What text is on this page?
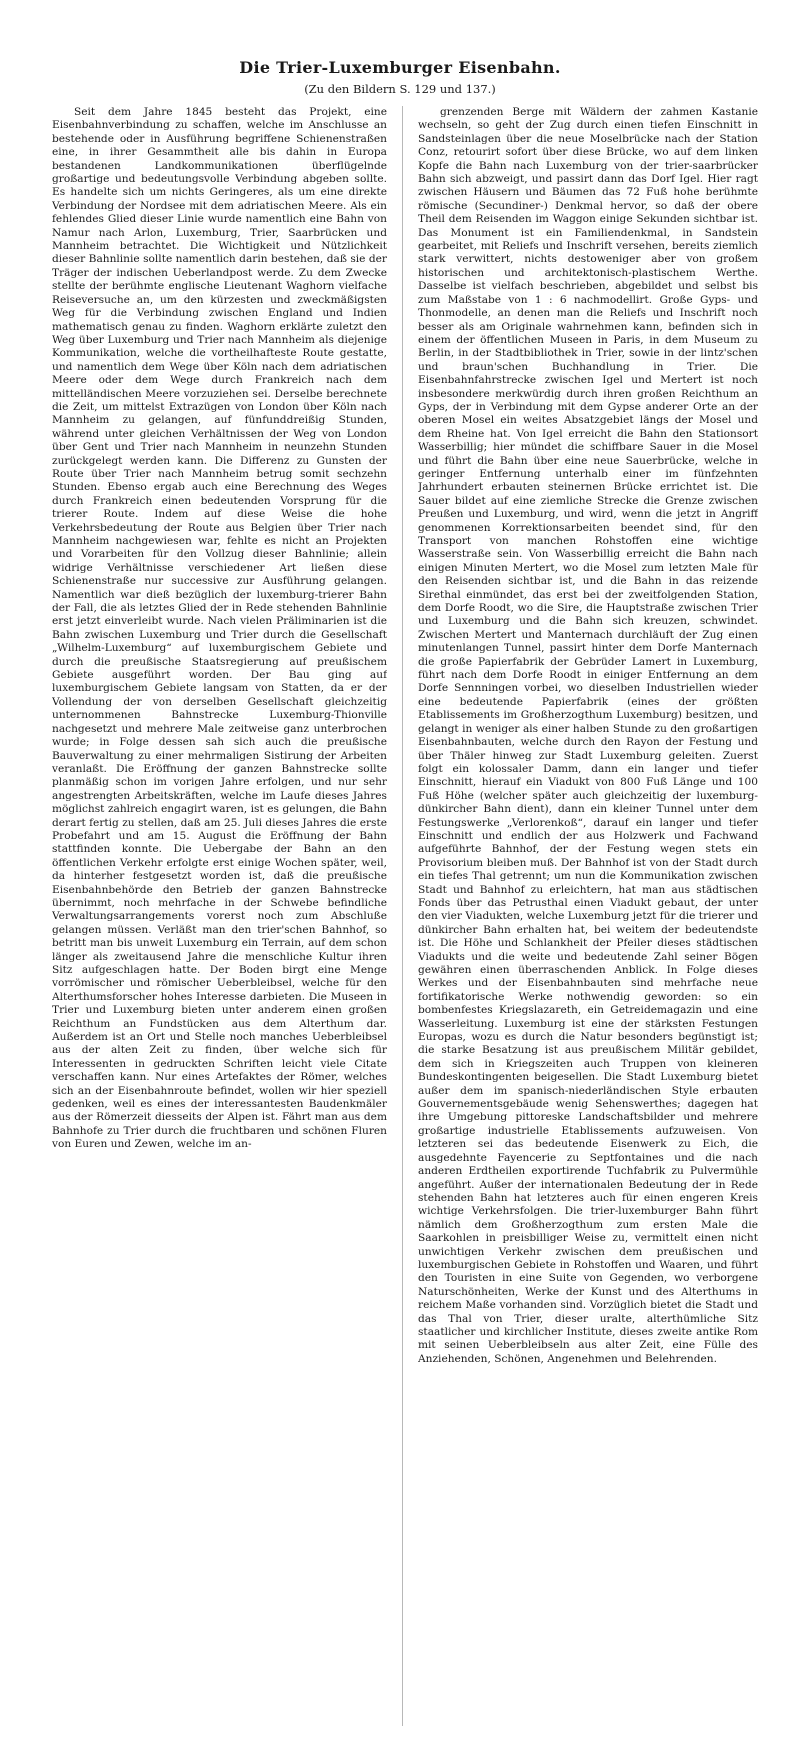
Die Trier-Luxemburger Eisenbahn.
(Zu den Bildern S. 129 und 137.)

Seit dem Jahre 1845 besteht das Projekt, eine Eisenbahnverbindung zu schaffen, welche im Anschlusse an bestehende oder in Ausführung begriffene Schienenstraßen eine, in ihrer Gesammtheit alle bis dahin in Europa bestandenen Landkommunikationen überflügelnde großartige und bedeutungsvolle Verbindung abgeben sollte. Es handelte sich um nichts Geringeres, als um eine direkte Verbindung der Nordsee mit dem adriatischen Meere. Als ein fehlendes Glied dieser Linie wurde namentlich eine Bahn von Namur nach Arlon, Luxemburg, Trier, Saarbrücken und Mannheim betrachtet. Die Wichtigkeit und Nützlichkeit dieser Bahnlinie sollte namentlich darin bestehen, daß sie der Träger der indischen Ueberlandpost werde. Zu dem Zwecke stellte der berühmte englische Lieutenant Waghorn vielfache Reiseversuche an, um den kürzesten und zweckmäßigsten Weg für die Verbindung zwischen England und Indien mathematisch genau zu finden. Waghorn erklärte zuletzt den Weg über Luxemburg und Trier nach Mannheim als diejenige Kommunikation, welche die vortheilhafteste Route gestatte, und namentlich dem Wege über Köln nach dem adriatischen Meere oder dem Wege durch Frankreich nach dem mittelländischen Meere vorzuziehen sei. Derselbe berechnete die Zeit, um mittelst Extrazügen von London über Köln nach Mannheim zu gelangen, auf fünfunddreißig Stunden, während unter gleichen Verhältnissen der Weg von London über Gent und Trier nach Mannheim in neunzehn Stunden zurückgelegt werden kann. Die Differenz zu Gunsten der Route über Trier nach Mannheim betrug somit sechzehn Stunden. Ebenso ergab auch eine Berechnung des Weges durch Frankreich einen bedeutenden Vorsprung für die trierer Route. Indem auf diese Weise die hohe Verkehrsbedeutung der Route aus Belgien über Trier nach Mannheim nachgewiesen war, fehlte es nicht an Projekten und Vorarbeiten für den Vollzug dieser Bahnlinie; allein widrige Verhältnisse verschiedener Art ließen diese Schienenstraße nur successive zur Ausführung gelangen. Namentlich war dieß bezüglich der luxemburg-trierer Bahn der Fall, die als letztes Glied der in Rede stehenden Bahnlinie erst jetzt einverleibt wurde. Nach vielen Präliminarien ist die Bahn zwischen Luxemburg und Trier durch die Gesellschaft „Wilhelm-Luxemburg“ auf luxemburgischem Gebiete und durch die preußische Staatsregierung auf preußischem Gebiete ausgeführt worden. Der Bau ging auf luxemburgischem Gebiete langsam von Statten, da er der Vollendung der von derselben Gesellschaft gleichzeitig unternommenen Bahnstrecke Luxemburg-Thionville nachgesetzt und mehrere Male zeitweise ganz unterbrochen wurde; in Folge dessen sah sich auch die preußische Bauverwaltung zu einer mehrmaligen Sistirung der Arbeiten veranlaßt. Die Eröffnung der ganzen Bahnstrecke sollte planmäßig schon im vorigen Jahre erfolgen, und nur sehr angestrengten Arbeitskräften, welche im Laufe dieses Jahres möglichst zahlreich engagirt waren, ist es gelungen, die Bahn derart fertig zu stellen, daß am 25. Juli dieses Jahres die erste Probefahrt und am 15. August die Eröffnung der Bahn stattfinden konnte. Die Uebergabe der Bahn an den öffentlichen Verkehr erfolgte erst einige Wochen später, weil, da hinterher festgesetzt worden ist, daß die preußische Eisenbahnbehörde den Betrieb der ganzen Bahnstrecke übernimmt, noch mehrfache in der Schwebe befindliche Verwaltungsarrangements vorerst noch zum Abschluße gelangen müssen. Verläßt man den trier'schen Bahnhof, so betritt man bis unweit Luxemburg ein Terrain, auf dem schon länger als zweitausend Jahre die menschliche Kultur ihren Sitz aufgeschlagen hatte. Der Boden birgt eine Menge vorrömischer und römischer Ueberbleibsel, welche für den Alterthumsforscher hohes Interesse darbieten. Die Museen in Trier und Luxemburg bieten unter anderem einen großen Reichthum an Fundstücken aus dem Alterthum dar. Außerdem ist an Ort und Stelle noch manches Ueberbleibsel aus der alten Zeit zu finden, über welche sich für Interessenten in gedruckten Schriften leicht viele Citate verschaffen kann. Nur eines Artefaktes der Römer, welches sich an der Eisenbahnroute befindet, wollen wir hier speziell gedenken, weil es eines der interessantesten Baudenkmäler aus der Römerzeit diesseits der Alpen ist. Fährt man aus dem Bahnhofe zu Trier durch die fruchtbaren und schönen Fluren von Euren und Zewen, welche im an-

grenzenden Berge mit Wäldern der zahmen Kastanie wechseln, so geht der Zug durch einen tiefen Einschnitt in Sandsteinlagen über die neue Moselbrücke nach der Station Conz, retourirt sofort über diese Brücke, wo auf dem linken Kopfe die Bahn nach Luxemburg von der trier-saarbrücker Bahn sich abzweigt, und passirt dann das Dorf Igel. Hier ragt zwischen Häusern und Bäumen das 72 Fuß hohe berühmte römische (Secundiner-) Denkmal hervor, so daß der obere Theil dem Reisenden im Waggon einige Sekunden sichtbar ist. Das Monument ist ein Familiendenkmal, in Sandstein gearbeitet, mit Reliefs und Inschrift versehen, bereits ziemlich stark verwittert, nichts destoweniger aber von großem historischen und architektonisch-plastischem Werthe. Dasselbe ist vielfach beschrieben, abgebildet und selbst bis zum Maßstabe von 1 : 6 nachmodellirt. Große Gyps- und Thonmodelle, an denen man die Reliefs und Inschrift noch besser als am Originale wahrnehmen kann, befinden sich in einem der öffentlichen Museen in Paris, in dem Museum zu Berlin, in der Stadtbibliothek in Trier, sowie in der lintz'schen und braun'schen Buchhandlung in Trier. Die Eisenbahnfahrstrecke zwischen Igel und Mertert ist noch insbesondere merkwürdig durch ihren großen Reichthum an Gyps, der in Verbindung mit dem Gypse anderer Orte an der oberen Mosel ein weites Absatzgebiet längs der Mosel und dem Rheine hat. Von Igel erreicht die Bahn den Stationsort Wasserbillig; hier mündet die schiffbare Sauer in die Mosel und führt die Bahn über eine neue Sauerbrücke, welche in geringer Entfernung unterhalb einer im fünfzehnten Jahrhundert erbauten steinernen Brücke errichtet ist. Die Sauer bildet auf eine ziemliche Strecke die Grenze zwischen Preußen und Luxemburg, und wird, wenn die jetzt in Angriff genommenen Korrektionsarbeiten beendet sind, für den Transport von manchen Rohstoffen eine wichtige Wasserstraße sein. Von Wasserbillig erreicht die Bahn nach einigen Minuten Mertert, wo die Mosel zum letzten Male für den Reisenden sichtbar ist, und die Bahn in das reizende Sirethal einmündet, das erst bei der zweitfolgenden Station, dem Dorfe Roodt, wo die Sire, die Hauptstraße zwischen Trier und Luxemburg und die Bahn sich kreuzen, schwindet. Zwischen Mertert und Manternach durchläuft der Zug einen minutenlangen Tunnel, passirt hinter dem Dorfe Manternach die große Papierfabrik der Gebrüder Lamert in Luxemburg, führt nach dem Dorfe Roodt in einiger Entfernung an dem Dorfe Sennningen vorbei, wo dieselben Industriellen wieder eine bedeutende Papierfabrik (eines der größten Etablissements im Großherzogthum Luxemburg) besitzen, und gelangt in weniger als einer halben Stunde zu den großartigen Eisenbahnbauten, welche durch den Rayon der Festung und über Thäler hinweg zur Stadt Luxemburg geleiten. Zuerst folgt ein kolossaler Damm, dann ein langer und tiefer Einschnitt, hierauf ein Viadukt von 800 Fuß Länge und 100 Fuß Höhe (welcher später auch gleichzeitig der luxemburg-dünkircher Bahn dient), dann ein kleiner Tunnel unter dem Festungswerke „Verlorenkoß“, darauf ein langer und tiefer Einschnitt und endlich der aus Holzwerk und Fachwand aufgeführte Bahnhof, der der Festung wegen stets ein Provisorium bleiben muß. Der Bahnhof ist von der Stadt durch ein tiefes Thal getrennt; um nun die Kommunikation zwischen Stadt und Bahnhof zu erleichtern, hat man aus städtischen Fonds über das Petrusthal einen Viadukt gebaut, der unter den vier Viadukten, welche Luxemburg jetzt für die trierer und dünkircher Bahn erhalten hat, bei weitem der bedeutendste ist. Die Höhe und Schlankheit der Pfeiler dieses städtischen Viadukts und die weite und bedeutende Zahl seiner Bögen gewähren einen überraschenden Anblick. In Folge dieses Werkes und der Eisenbahnbauten sind mehrfache neue fortifikatorische Werke nothwendig geworden: so ein bombenfestes Kriegslazareth, ein Getreidemagazin und eine Wasserleitung. Luxemburg ist eine der stärksten Festungen Europas, wozu es durch die Natur besonders begünstigt ist; die starke Besatzung ist aus preußischem Militär gebildet, dem sich in Kriegszeiten auch Truppen von kleineren Bundeskontingenten beigesellen. Die Stadt Luxemburg bietet außer dem im spanisch-niederländischen Style erbauten Gouvernementsgebäude wenig Sehenswerthes; dagegen hat ihre Umgebung pittoreske Landschaftsbilder und mehrere großartige industrielle Etablissements aufzuweisen. Von letzteren sei das bedeutende Eisenwerk zu Eich, die ausgedehnte Fayencerie zu Septfontaines und die nach anderen Erdtheilen exportirende Tuchfabrik zu Pulvermühle angeführt. Außer der internationalen Bedeutung der in Rede stehenden Bahn hat letzteres auch für einen engeren Kreis wichtige Verkehrsfolgen. Die trier-luxemburger Bahn führt nämlich dem Großherzogthum zum ersten Male die Saarkohlen in preisbilliger Weise zu, vermittelt einen nicht unwichtigen Verkehr zwischen dem preußischen und luxemburgischen Gebiete in Rohstoffen und Waaren, und führt den Touristen in eine Suite von Gegenden, wo verborgene Naturschönheiten, Werke der Kunst und des Alterthums in reichem Maße vorhanden sind. Vorzüglich bietet die Stadt und das Thal von Trier, dieser uralte, alterthümliche Sitz staatlicher und kirchlicher Institute, dieses zweite antike Rom mit seinen Ueberbleibseln aus alter Zeit, eine Fülle des Anziehenden, Schönen, Angenehmen und Belehrenden.
